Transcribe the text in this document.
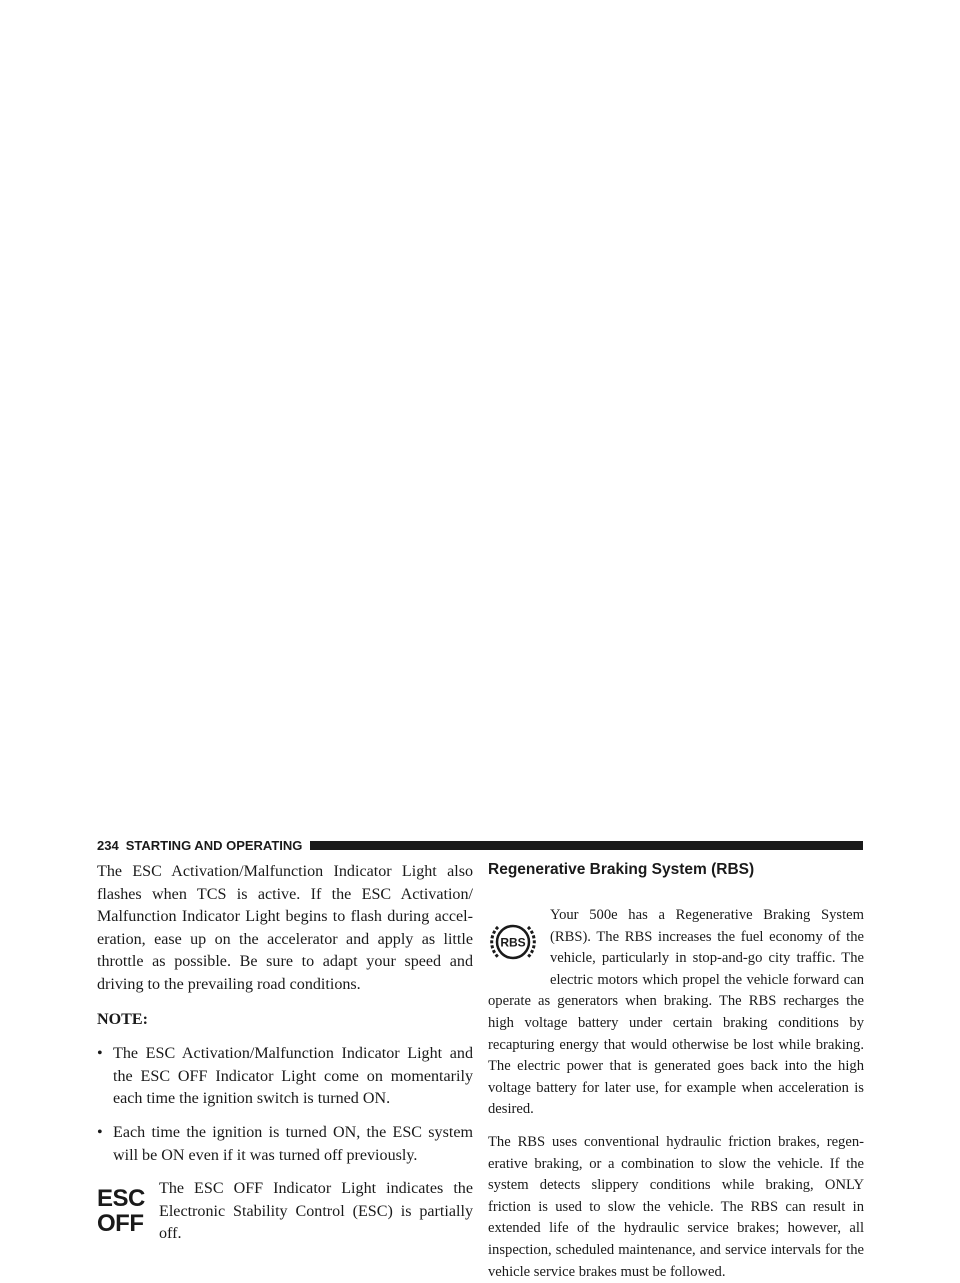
234 STARTING AND OPERATING

The ESC Activation/Malfunction Indicator Light also flashes when TCS is active. If the ESC Activation/ Malfunction Indicator Light begins to flash during accel- eration, ease up on the accelerator and apply as little throttle as possible. Be sure to adapt your speed and driving to the prevailing road conditions.

NOTE:

• The ESC Activation/Malfunction Indicator Light and the ESC OFF Indicator Light come on momentarily each time the ignition switch is turned ON.
• Each time the ignition is turned ON, the ESC system will be ON even if it was turned off previously.
ESC
OFF

The ESC OFF Indicator Light indicates the Electronic Stability Control (ESC) is partially off.

Regenerative Braking System (RBS)
RBS

Your 500e has a Regenerative Braking System (RBS). The RBS increases the fuel economy of the vehicle, particularly in stop-and-go city traffic. The electric motors which propel the vehicle forward can operate as generators when braking. The RBS recharges the high voltage battery under certain braking conditions by recapturing energy that would otherwise be lost while braking. The electric power that is generated goes back into the high voltage battery for later use, for example when acceleration is desired.

The RBS uses conventional hydraulic friction brakes, regen- erative braking, or a combination to slow the vehicle. If the system detects slippery conditions while braking, ONLY friction is used to slow the vehicle. The RBS can result in extended life of the hydraulic service brakes; however, all inspection, scheduled maintenance, and service intervals for the vehicle service brakes must be followed.
